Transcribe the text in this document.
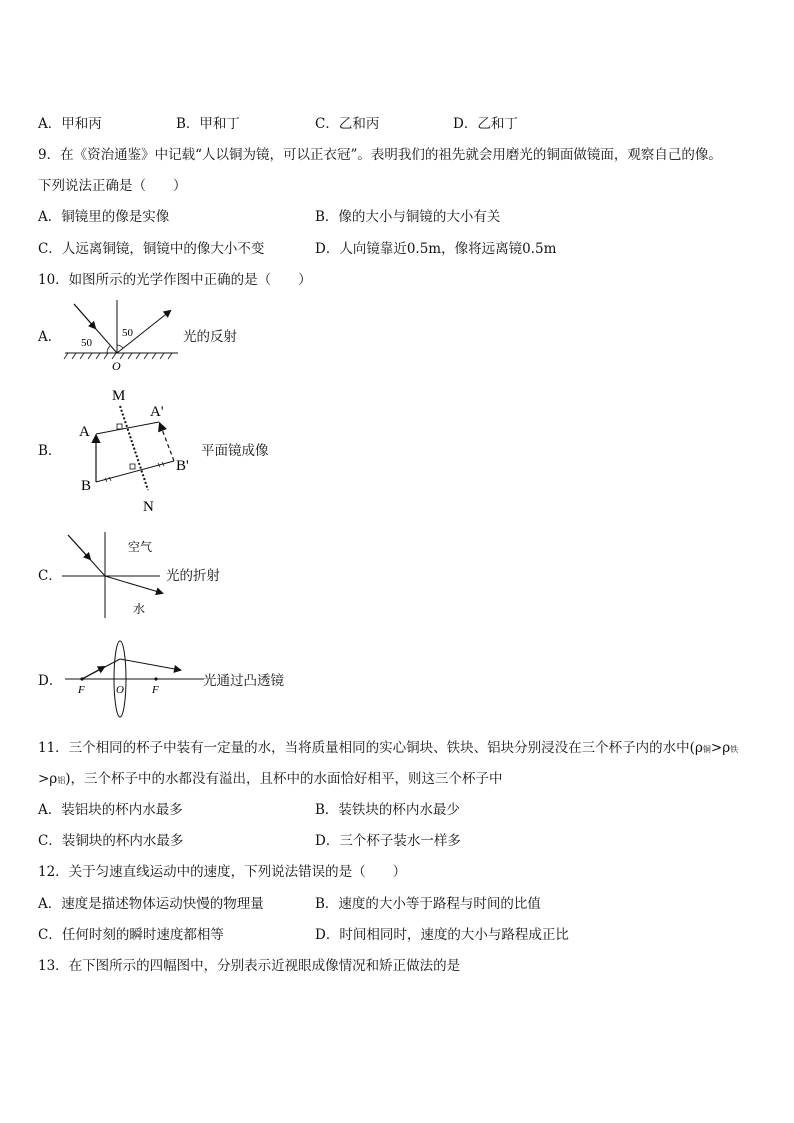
A．甲和丙	B．甲和丁	C．乙和丙	D．乙和丁
9．在《资治通鉴》中记载“人以铜为镜，可以正衣冠”。表明我们的祖先就会用磨光的铜面做镜面，观察自己的像。
下列说法正确是（　　）
A．铜镜里的像是实像	B．像的大小与铜镜的大小有关
C．人远离铜镜，铜镜中的像大小不变	D．人向镜靠近0.5m，像将远离镜0.5m
10．如图所示的光学作图中正确的是（　　）
A． 50
50
O
光的反射
B．
M
N
A
B
A'
B'
平面镜成像
C．
空气
水
光的折射
D．
F	O	F
光通过凸透镜
11．三个相同的杯子中装有一定量的水，当将质量相同的实心铜块、铁块、铝块分别浸没在三个杯子内的水中(ρ铜>ρ铁
>ρ铝)，三个杯子中的水都没有溢出，且杯中的水面恰好相平，则这三个杯子中
A．装铝块的杯内水最多	B．装铁块的杯内水最少
C．装铜块的杯内水最多	D．三个杯子装水一样多
12．关于匀速直线运动中的速度，下列说法错误的是（　　）
A．速度是描述物体运动快慢的物理量	B．速度的大小等于路程与时间的比值
C．任何时刻的瞬时速度都相等	D．时间相同时，速度的大小与路程成正比
13．在下图所示的四幅图中，分别表示近视眼成像情况和矫正做法的是
